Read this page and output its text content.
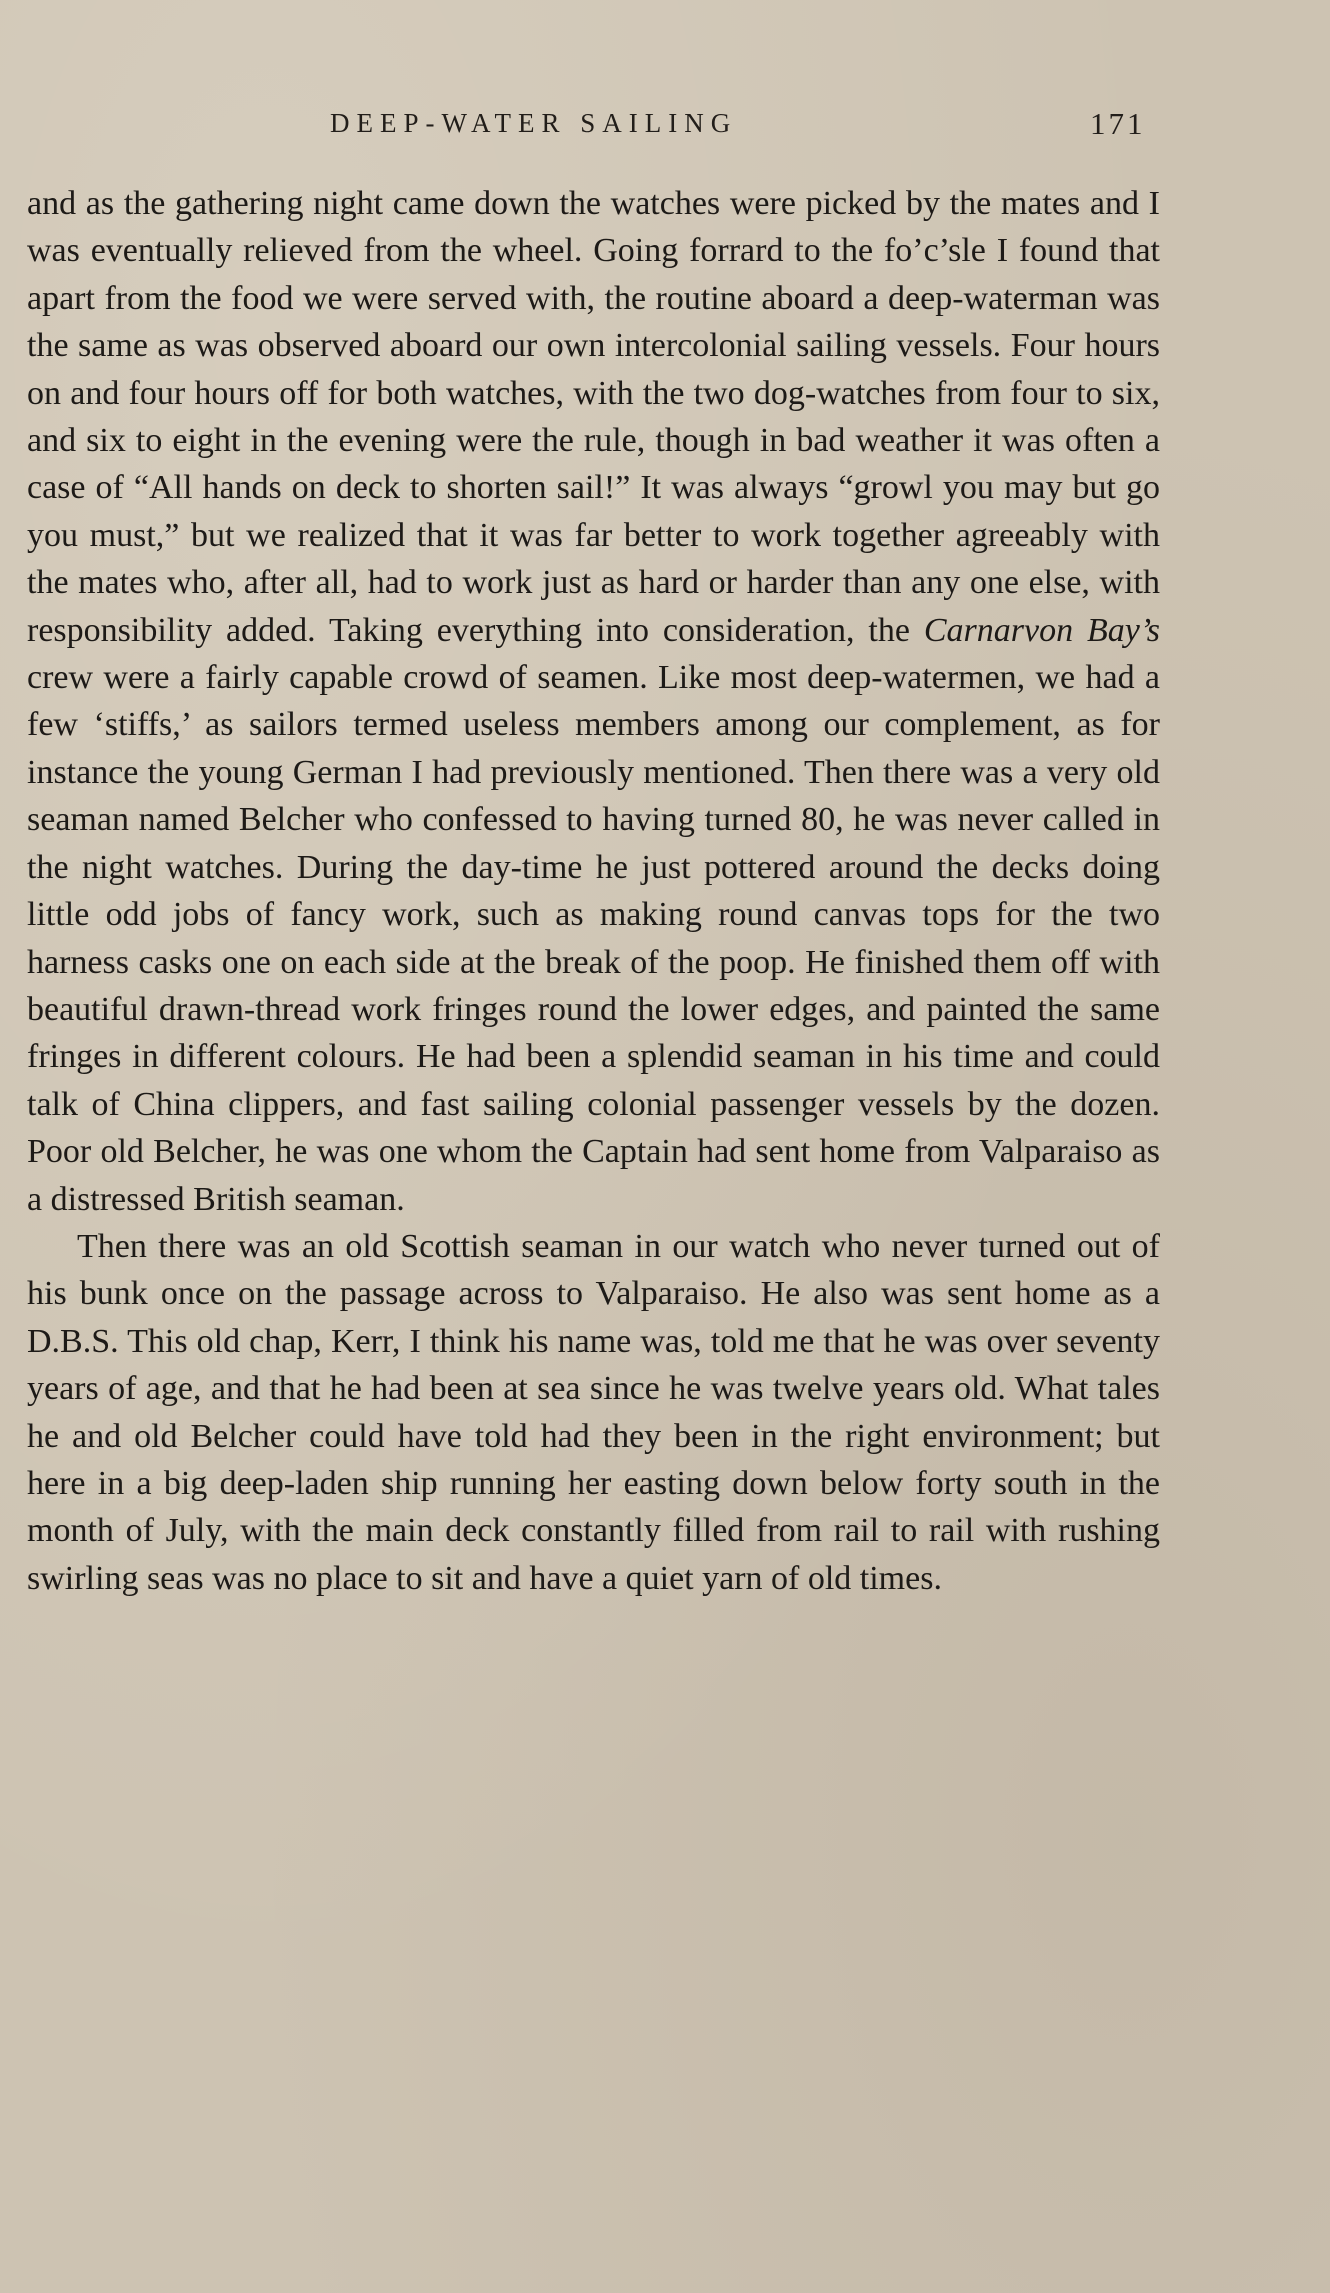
DEEP-WATER SAILING	171

and as the gathering night came down the watches were picked by the mates and I was eventually relieved from the wheel. Going forrard to the fo’c’sle I found that apart from the food we were served with, the routine aboard a deep-waterman was the same as was observed aboard our own intercolonial sailing vessels. Four hours on and four hours off for both watches, with the two dog-watches from four to six, and six to eight in the evening were the rule, though in bad weather it was often a case of “All hands on deck to shorten sail!” It was always “growl you may but go you must,” but we realized that it was far better to work together agreeably with the mates who, after all, had to work just as hard or harder than any one else, with responsibility added. Taking everything into consideration, the Carnarvon Bay’s crew were a fairly capable crowd of seamen. Like most deep-watermen, we had a few ‘stiffs,’ as sailors termed useless members among our complement, as for instance the young German I had previously mentioned. Then there was a very old seaman named Belcher who confessed to having turned 80, he was never called in the night watches. During the day-time he just pottered around the decks doing little odd jobs of fancy work, such as making round canvas tops for the two harness casks one on each side at the break of the poop. He finished them off with beautiful drawn-thread work fringes round the lower edges, and painted the same fringes in different colours. He had been a splendid seaman in his time and could talk of China clippers, and fast sailing colonial passenger vessels by the dozen. Poor old Belcher, he was one whom the Captain had sent home from Valparaiso as a distressed British seaman.

Then there was an old Scottish seaman in our watch who never turned out of his bunk once on the passage across to Valparaiso. He also was sent home as a D.B.S. This old chap, Kerr, I think his name was, told me that he was over seventy years of age, and that he had been at sea since he was twelve years old. What tales he and old Belcher could have told had they been in the right environment; but here in a big deep-laden ship running her easting down below forty south in the month of July, with the main deck constantly filled from rail to rail with rushing swirling seas was no place to sit and have a quiet yarn of old times.
